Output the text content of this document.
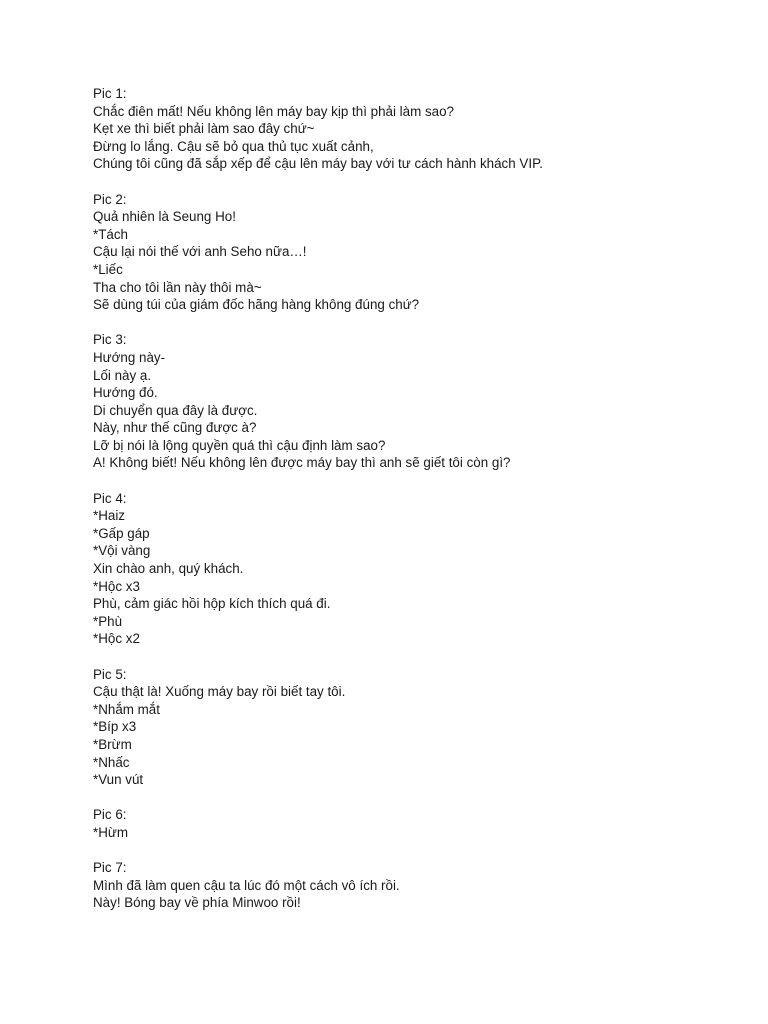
Pic 1:
Chắc điên mất! Nếu không lên máy bay kịp thì phải làm sao?
Kẹt xe thì biết phải làm sao đây chứ~
Đừng lo lắng. Cậu sẽ bỏ qua thủ tục xuất cảnh,
Chúng tôi cũng đã sắp xếp để cậu lên máy bay với tư cách hành khách VIP.
Pic 2:
Quả nhiên là Seung Ho!
*Tách
Cậu lại nói thế với anh Seho nữa…!
*Liếc
Tha cho tôi lần này thôi mà~
Sẽ dùng túi của giám đốc hãng hàng không đúng chứ?
Pic 3:
Hướng này-
Lối này ạ.
Hướng đó.
Di chuyển qua đây là được.
Này, như thế cũng được à?
Lỡ bị nói là lộng quyền quá thì cậu định làm sao?
A! Không biết! Nếu không lên được máy bay thì anh sẽ giết tôi còn gì?
Pic 4:
*Haiz
*Gấp gáp
*Vội vàng
Xin chào anh, quý khách.
*Hộc x3
Phù, cảm giác hồi hộp kích thích quá đi.
*Phù
*Hộc x2
Pic 5:
Cậu thật là! Xuống máy bay rồi biết tay tôi.
*Nhắm mắt
*Bíp x3
*Brừm
*Nhấc
*Vun vút
Pic 6:
*Hừm
Pic 7:
Mình đã làm quen cậu ta lúc đó một cách vô ích rồi.
Này! Bóng bay về phía Minwoo rồi!
